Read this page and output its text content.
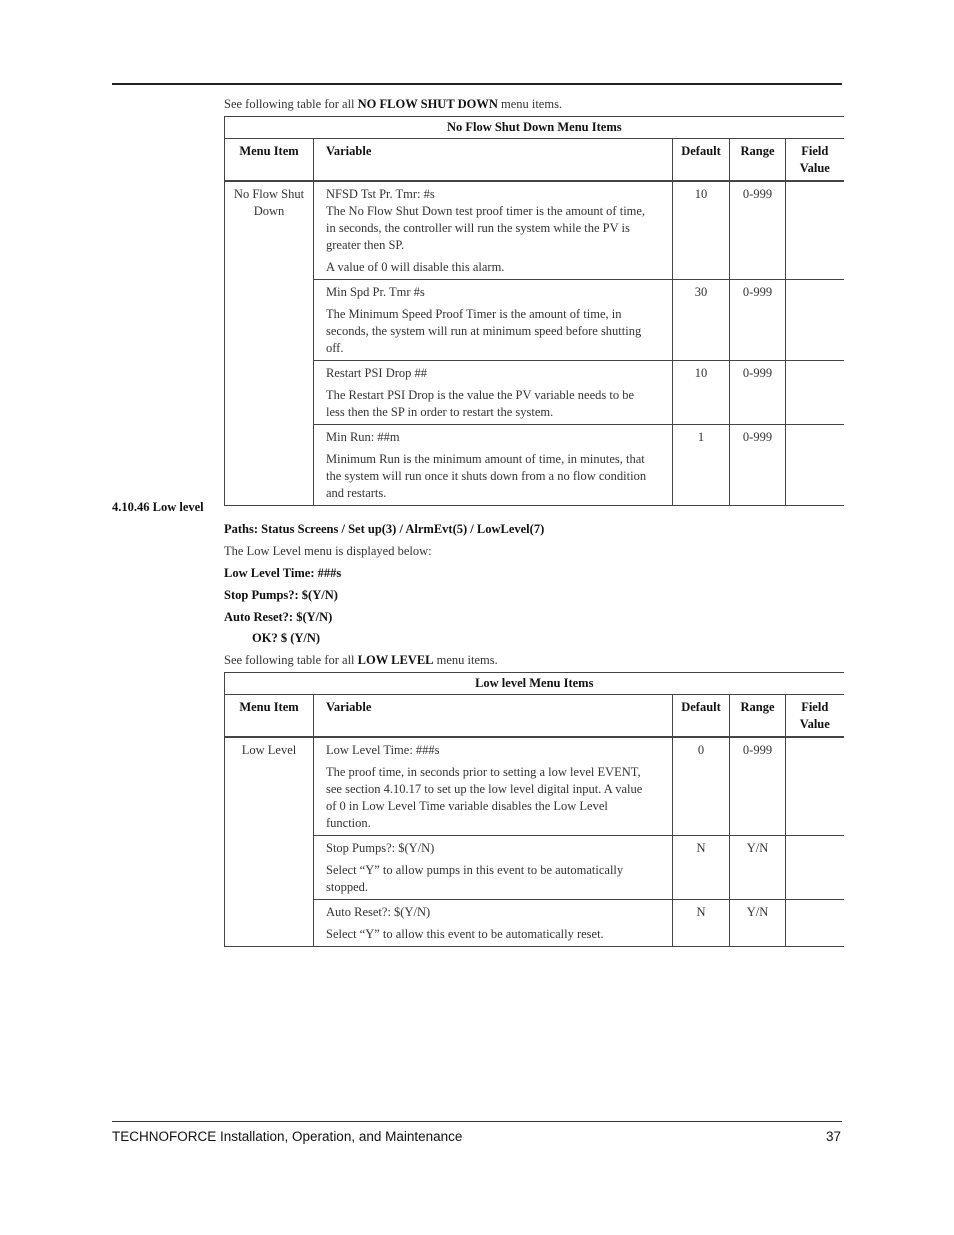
See following table for all NO FLOW SHUT DOWN menu items.
No Flow Shut Down Menu Items				
Menu Item	Variable	Default	Range	Field Value
No Flow Shut Down	NFSD Tst Pr. Tmr: #s
The No Flow Shut Down test proof timer is the amount of time, in seconds, the controller will run the system while the PV is greater then SP.
A value of 0 will disable this alarm.	10	0-999	

	Min Spd Pr. Tmr #s
The Minimum Speed Proof Timer is the amount of time, in seconds, the system will run at minimum speed before shutting off.	30	0-999	

	Restart PSI Drop ##
The Restart PSI Drop is the value the PV variable needs to be less then the SP in order to restart the system.	10	0-999	

	Min Run: ##m
Minimum Run is the minimum amount of time, in minutes, that the system will run once it shuts down from a no flow condition and restarts.	1	0-999	
4.10.46 Low level
Paths: Status Screens / Set up(3) / AlrmEvt(5) / LowLevel(7)
The Low Level menu is displayed below:
Low Level Time: ###s
Stop Pumps?: $(Y/N)
Auto Reset?: $(Y/N)
OK? $ (Y/N)
See following table for all LOW LEVEL menu items.
Low level Menu Items				
Menu Item	Variable	Default	Range	Field Value
Low Level	Low Level Time: ###s
The proof time, in seconds prior to setting a low level EVENT, see section 4.10.17 to set up the low level digital input. A value of 0 in Low Level Time variable disables the Low Level function.	0	0-999	

	Stop Pumps?: $(Y/N)
Select “Y” to allow pumps in this event to be automatically stopped.	N	Y/N	

	Auto Reset?: $(Y/N)
Select “Y” to allow this event to be automatically reset.	N	Y/N	
TECHNOFORCE Installation, Operation, and Maintenance	37
